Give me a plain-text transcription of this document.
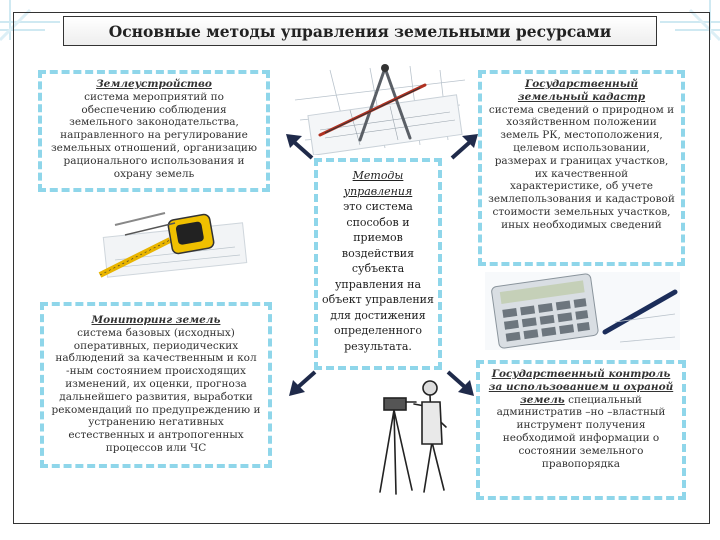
Основные методы управления земельными ресурсами
Землеустройство
система мероприятий по обеспечению соблюдения земельного законодательства, направленного на регулирование земельных отношений, организацию рационального использования и охрану земель
Мониторинг земель
система базовых (исходных) оперативных, периодических наблюдений за качественным и кол -ным состоянием происходящих изменений, их оценки, прогноза дальнейшего развития, выработки рекомендаций по предупреждению и устранению негативных естественных и антропогенных процессов или ЧС
Государственный земельный кадастр
система сведений о природном и хозяйственном положении земель РК, местоположения, целевом использовании, размерах и границах участков, их качественной характеристике, об учете землепользования и кадастровой стоимости земельных участков, иных необходимых сведений
Государственный контроль за использованием и охраной земель специальный административ –но –властный инструмент получения необходимой информации о состоянии земельного правопорядка
Методы управления
это система способов и приемов воздействия субъекта управления на объект управления для достижения определенного результата.
